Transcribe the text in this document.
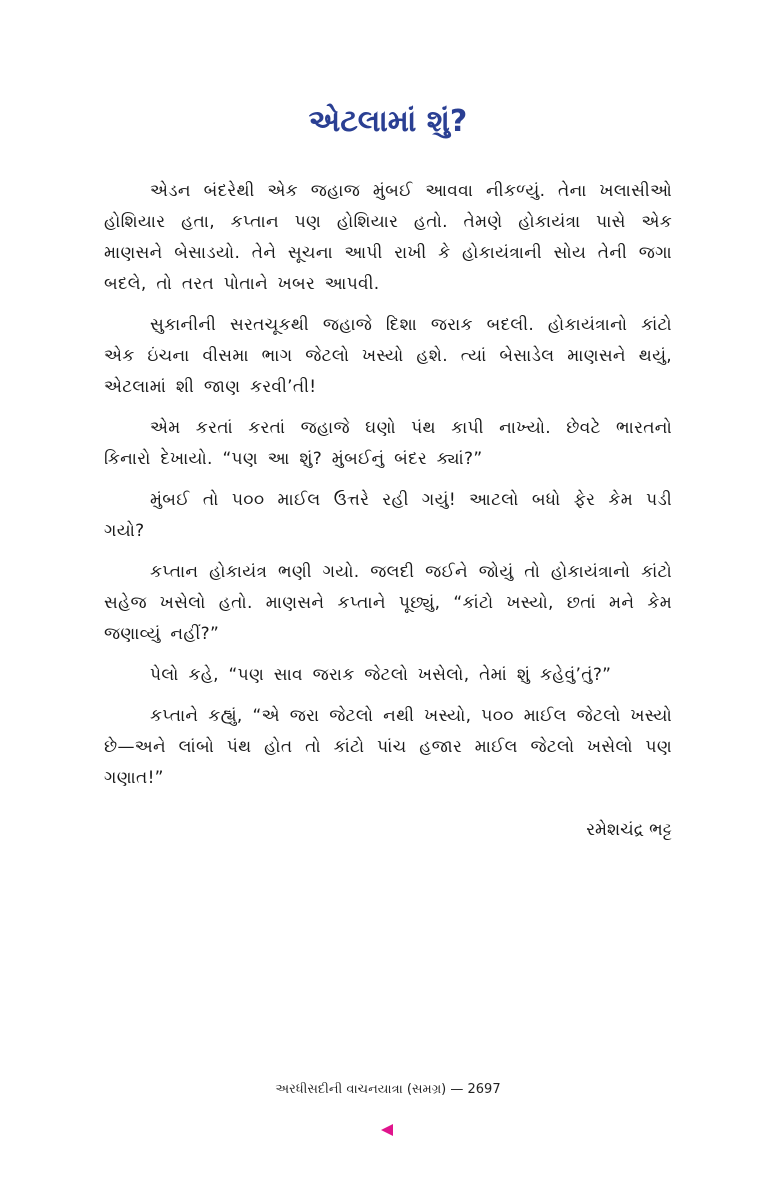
એટલામાં શું?

એડન બંદરેથી એક જહાજ મુંબઈ આવવા નીકળ્યું. તેના ખલાસીઓ હોશિયાર હતા, કપ્તાન પણ હોશિયાર હતો. તેમણે હોકાયંત્રા પાસે એક માણસને બેસાડયો. તેને સૂચના આપી રાખી કે હોકાયંત્રાની સોય તેની જગા બદલે, તો તરત પોતાને ખબર આપવી.

સુકાનીની સરતચૂકથી જહાજે દિશા જરાક બદલી. હોકાયંત્રાનો કાંટો એક ઇંચના વીસમા ભાગ જેટલો ખસ્યો હશે. ત્યાં બેસાડેલ માણસને થયું, એટલામાં શી જાણ કરવી’તી!

એમ કરતાં કરતાં જહાજે ઘણો પંથ કાપી નાખ્યો. છેવટે ભારતનો કિનારો દેખાયો. “પણ આ શું? મુંબઈનું બંદર ક્યાં?”

મુંબઈ તો ૫૦૦ માઈલ ઉત્તરે રહી ગયું! આટલો બધો ફેર કેમ પડી ગયો?

કપ્તાન હોકાયંત્ર ભણી ગયો. જલદી જઈને જોયું તો હોકાયંત્રાનો કાંટો સહેજ ખસેલો હતો. માણસને કપ્તાને પૂછ્યું, “કાંટો ખસ્યો, છતાં મને કેમ જણાવ્યું નહીં?”

પેલો કહે, “પણ સાવ જરાક જેટલો ખસેલો, તેમાં શું કહેવું’તું?”

કપ્તાને કહ્યું, “એ જરા જેટલો નથી ખસ્યો, ૫૦૦ માઈલ જેટલો ખસ્યો છે—અને લાંબો પંથ હોત તો કાંટો પાંચ હજાર માઈલ જેટલો ખસેલો પણ ગણાત!”

રમેશચંદ્ર ભટ્ટ

અરધીસદીની વાચનયાત્રા (સમગ્ર) — 2697
